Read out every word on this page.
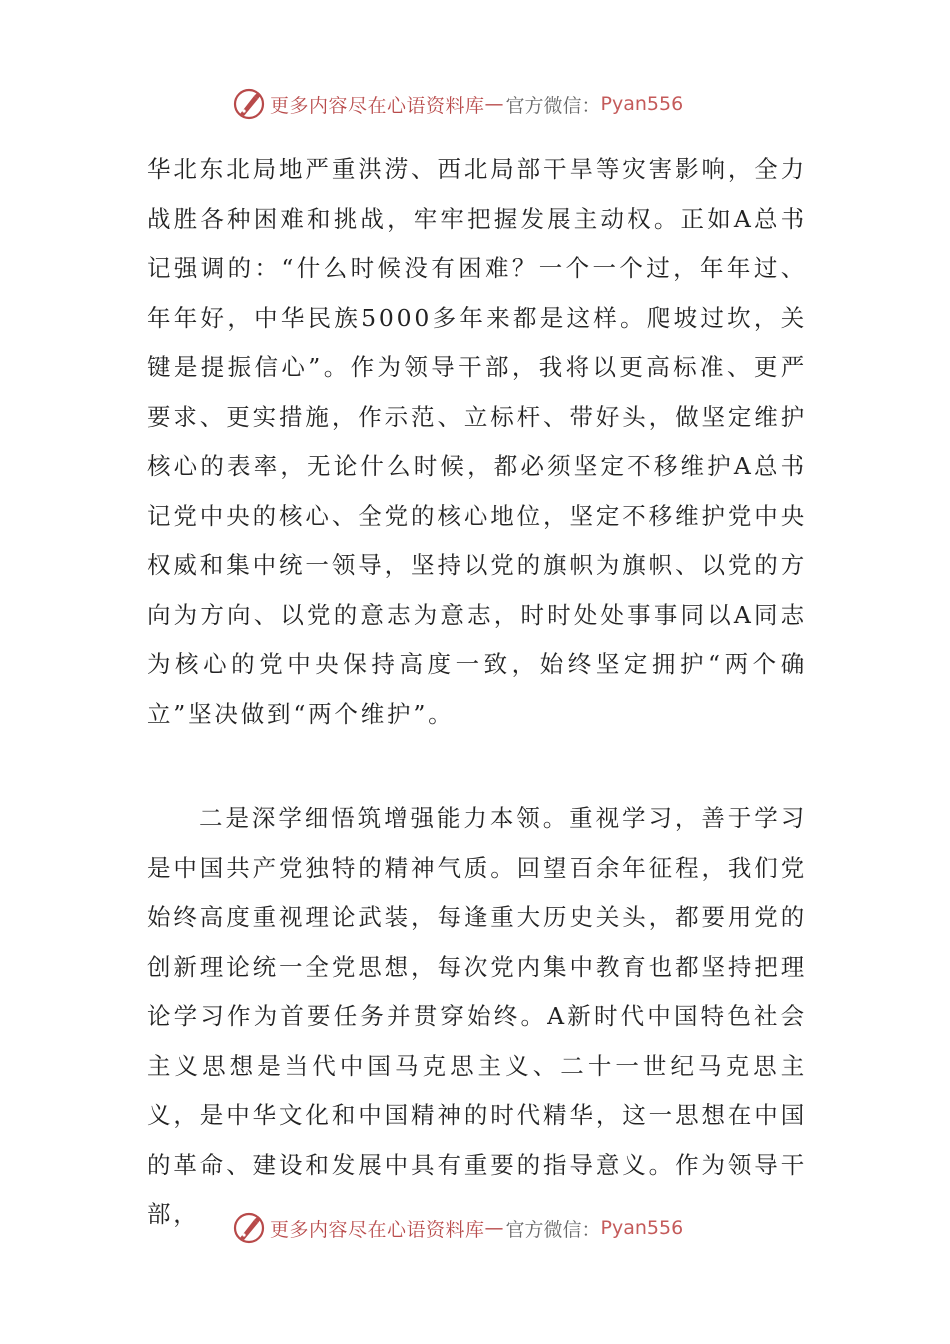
更多内容尽在心语资料库 — 官方微信： Pyan556

华北东北局地严重洪涝、西北局部干旱等灾害影响，全力战胜各种困难和挑战，牢牢把握发展主动权。正如A总书记强调的：“什么时候没有困难？一个一个过，年年过、年年好，中华民族5000多年来都是这样。爬坡过坎，关键是提振信心”。作为领导干部，我将以更高标准、更严要求、更实措施，作示范、立标杆、带好头，做坚定维护核心的表率，无论什么时候，都必须坚定不移维护A总书记党中央的核心、全党的核心地位，坚定不移维护党中央权威和集中统一领导，坚持以党的旗帜为旗帜、以党的方向为方向、以党的意志为意志，时时处处事事同以A同志为核心的党中央保持高度一致，始终坚定拥护“两个确立”坚决做到“两个维护”。

二是深学细悟筑增强能力本领。重视学习，善于学习是中国共产党独特的精神气质。回望百余年征程，我们党始终高度重视理论武装，每逢重大历史关头，都要用党的创新理论统一全党思想，每次党内集中教育也都坚持把理论学习作为首要任务并贯穿始终。A新时代中国特色社会主义思想是当代中国马克思主义、二十一世纪马克思主义，是中华文化和中国精神的时代精华，这一思想在中国的革命、建设和发展中具有重要的指导意义。作为领导干部，

更多内容尽在心语资料库 — 官方微信： Pyan556
